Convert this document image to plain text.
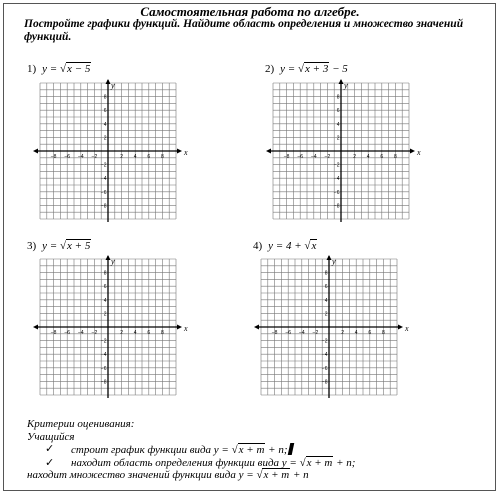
Самостоятельная работа по алгебре.
Постройте графики функций. Найдите область определения и множество значений функций.
1) y = √x − 5	2) y = √x + 3 − 5
3) y = √x + 5	4) y = 4 + √x
x
y
−8 −6 −4 −2	2 4 6 8
8
6
4
2
−2
−4
−6
−8
x
y
−8 −6 −4 −2	2 4 6 8
8
6
4
2
−2
−4
−6
−8
x
y
−8 −6 −4 −2	2 4 6 8
8
6
4
2
−2
−4
−6
−8
x
y
−8 −6 −4 −2	2 4 6 8
8
6
4
2
−2
−4
−6
−8
Критерии оценивания:
Учащийся
✓ строит график функции вида y = √x + m + n;
✓ находит область определения функции вида y = √x + m + n;
находит множество значений функции вида y = √x + m + n
